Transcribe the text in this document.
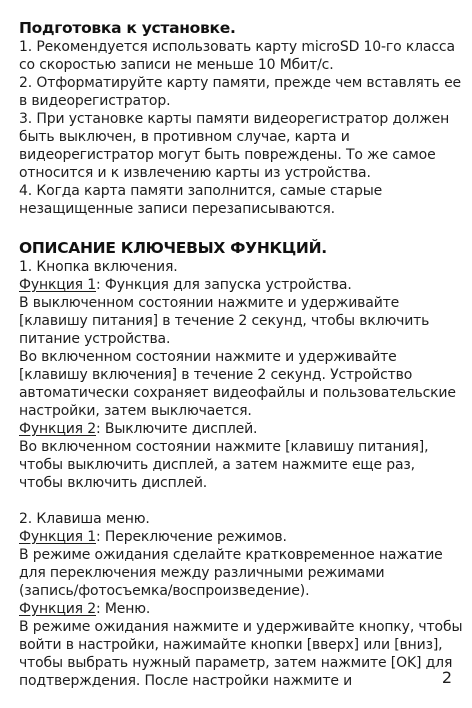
Подготовка к установке.
1. Рекомендуется использовать карту microSD 10-го класса
со скоростью записи не меньше 10 Мбит/с.
2. Отформатируйте карту памяти, прежде чем вставлять ее
в видеорегистратор.
3. При установке карты памяти видеорегистратор должен
быть выключен, в противном случае, карта и
видеорегистратор могут быть повреждены. То же самое
относится и к извлечению карты из устройства.
4. Когда карта памяти заполнится, самые старые
незащищенные записи перезаписываются.
ОПИСАНИЕ КЛЮЧЕВЫХ ФУНКЦИЙ.
1. Кнопка включения.
Функция 1: Функция для запуска устройства.
В выключенном состоянии нажмите и удерживайте
[клавишу питания] в течение 2 секунд, чтобы включить
питание устройства.
Во включенном состоянии нажмите и удерживайте
[клавишу включения] в течение 2 секунд. Устройство
автоматически сохраняет видеофайлы и пользовательские
настройки, затем выключается.
Функция 2: Выключите дисплей.
Во включенном состоянии нажмите [клавишу питания],
чтобы выключить дисплей, а затем нажмите еще раз,
чтобы включить дисплей.
2. Клавиша меню.
Функция 1: Переключение режимов.
В режиме ожидания сделайте кратковременное нажатие
для переключения между различными режимами
(запись/фотосъемка/воспроизведение).
Функция 2: Меню.
В режиме ожидания нажмите и удерживайте кнопку, чтобы
войти в настройки, нажимайте кнопки [вверх] или [вниз],
чтобы выбрать нужный параметр, затем нажмите [OK] для
подтверждения. После настройки нажмите и	2
